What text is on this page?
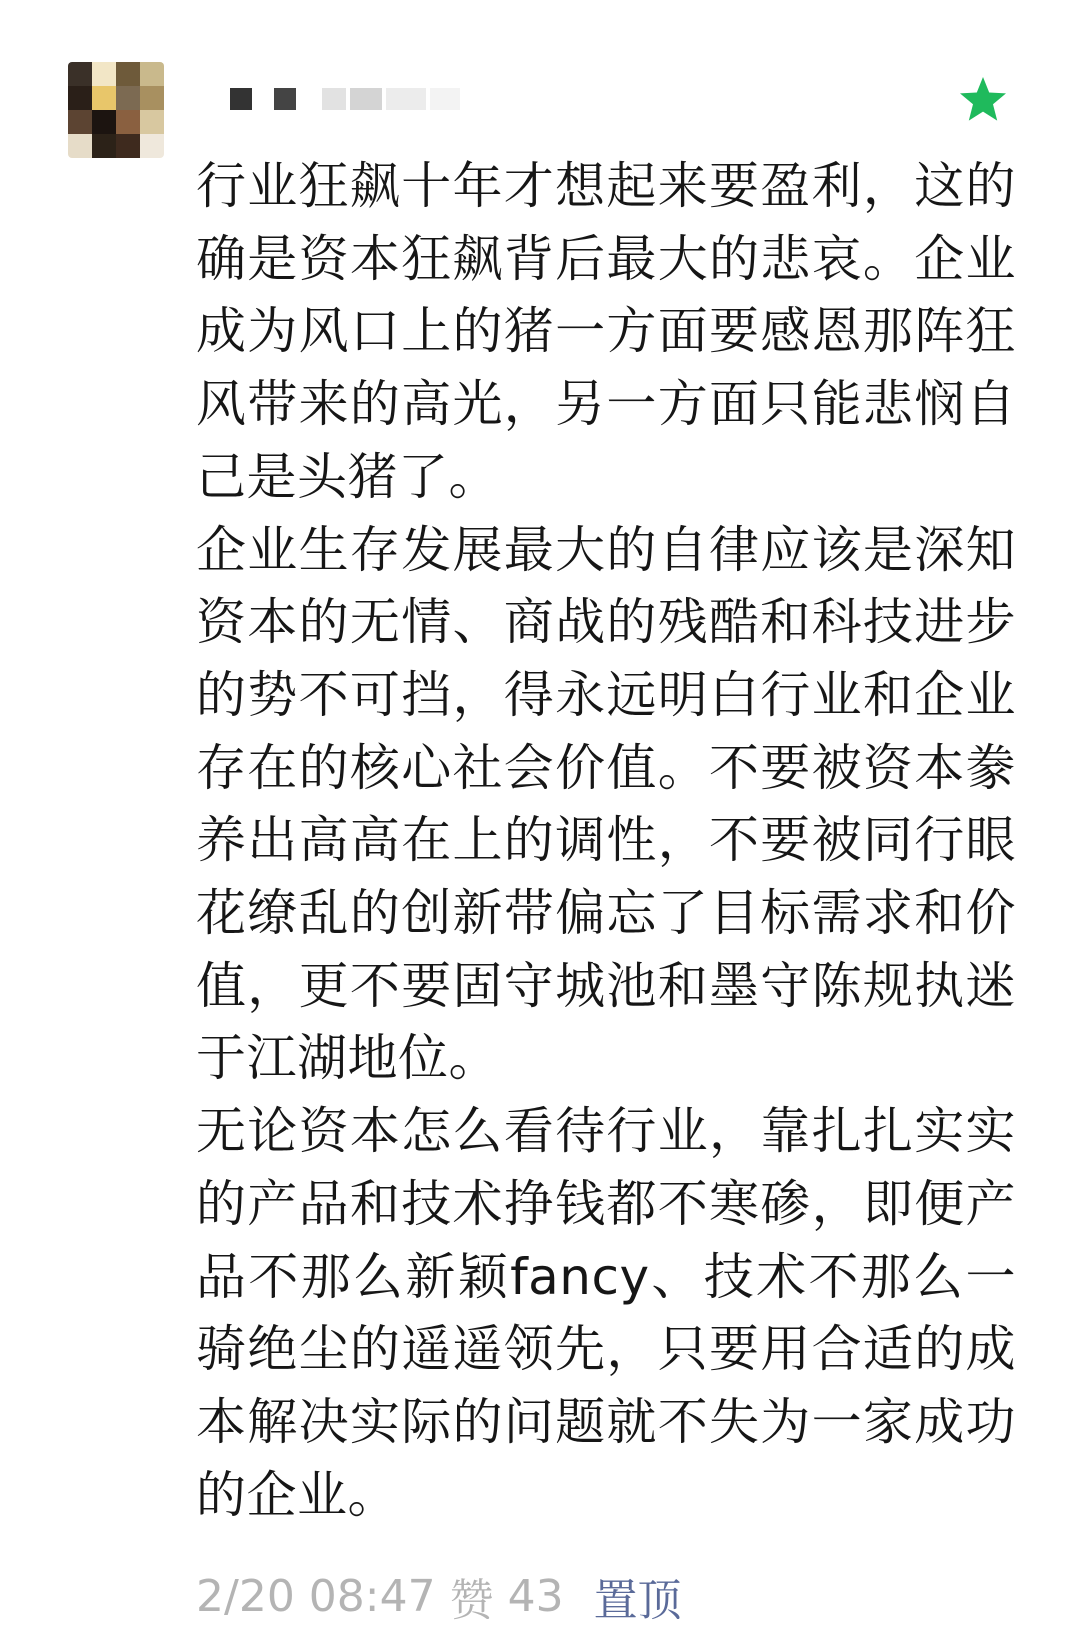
行业狂飙十年才想起来要盈利，这的确是资本狂飙背后最大的悲哀。企业成为风口上的猪一方面要感恩那阵狂风带来的高光，另一方面只能悲悯自己是头猪了。

企业生存发展最大的自律应该是深知资本的无情、商战的残酷和科技进步的势不可挡，得永远明白行业和企业存在的核心社会价值。不要被资本豢养出高高在上的调性，不要被同行眼花缭乱的创新带偏忘了目标需求和价值，更不要固守城池和墨守陈规执迷于江湖地位。

无论资本怎么看待行业，靠扎扎实实的产品和技术挣钱都不寒碜，即便产品不那么新颖fancy、技术不那么一骑绝尘的遥遥领先，只要用合适的成本解决实际的问题就不失为一家成功的企业。

2/20 08:47 赞 43 置顶
